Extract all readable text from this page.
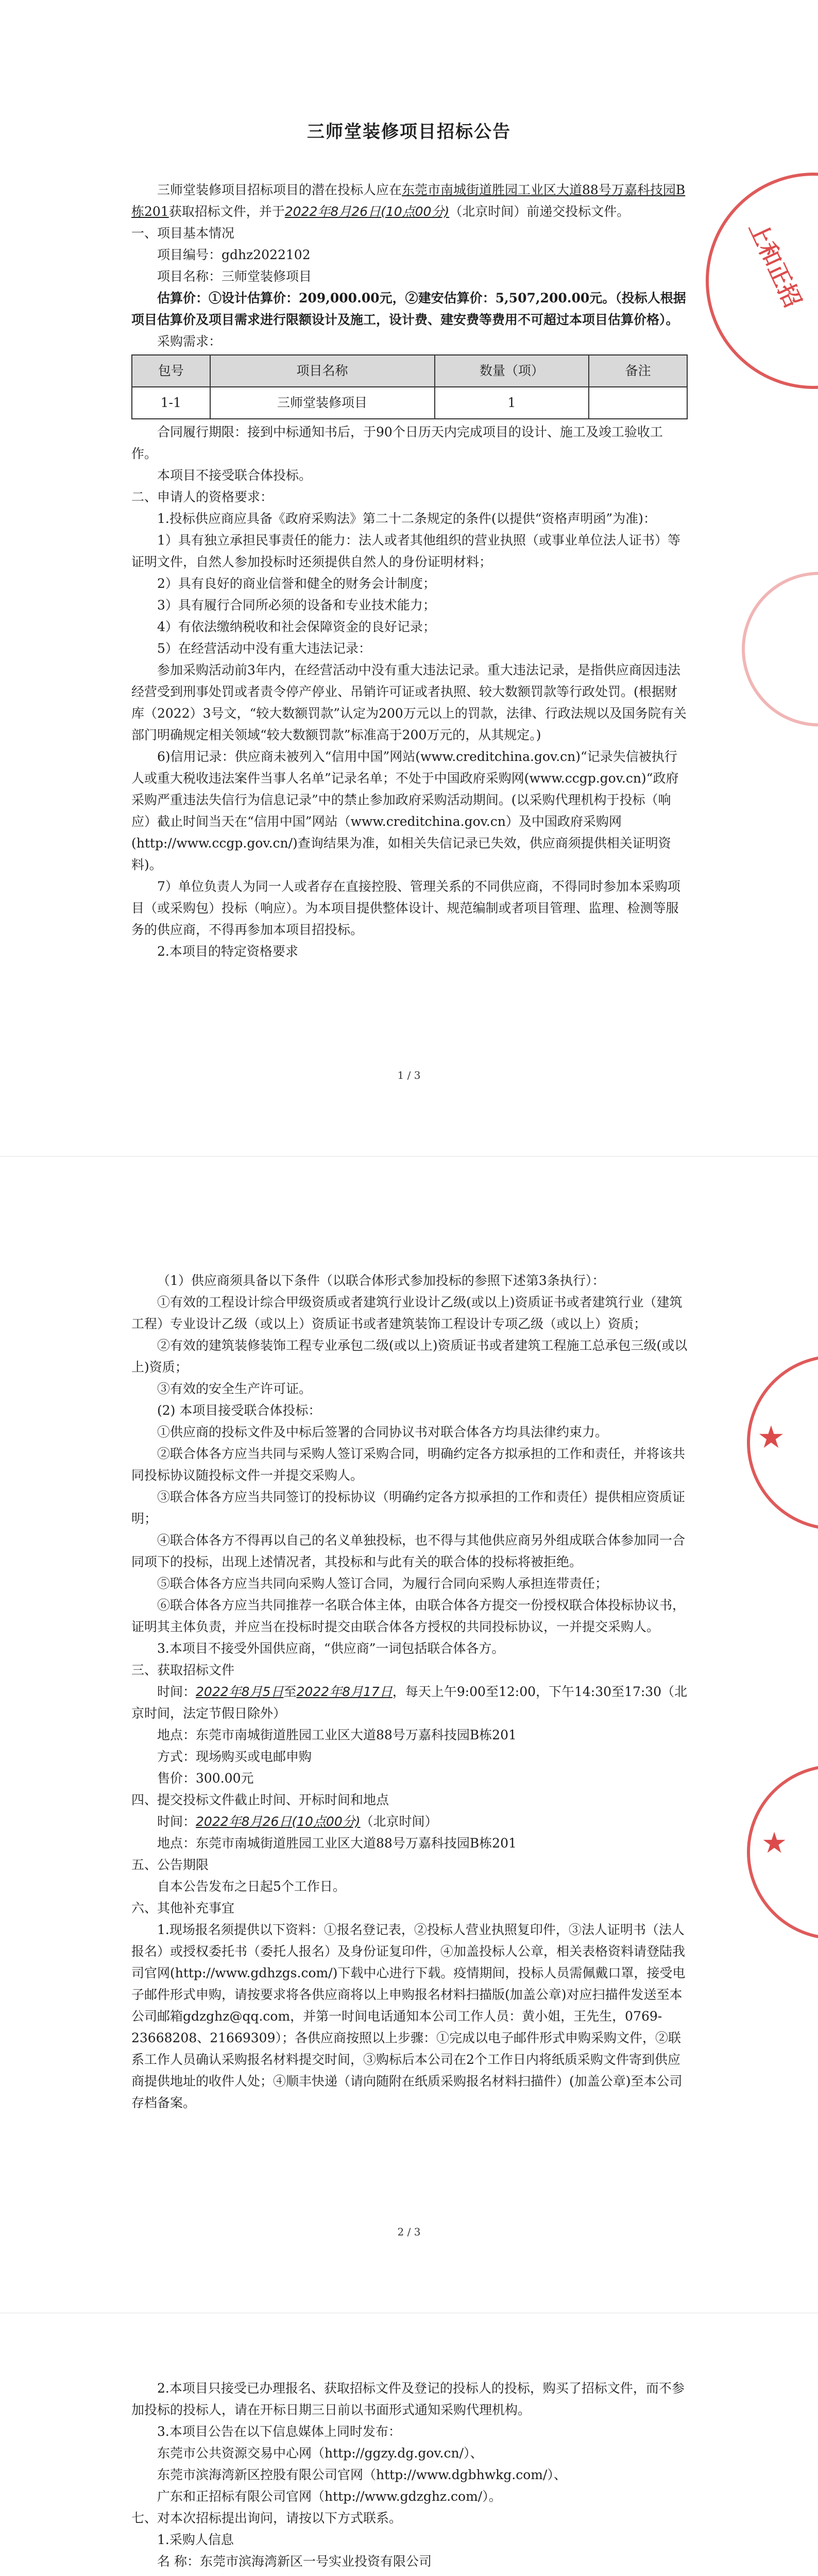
三师堂装修项目招标公告
上和正招

三师堂装修项目招标项目的潜在投标人应在东莞市南城街道胜园工业区大道88号万嘉科技园B栋201获取招标文件，并于2022年8月26日(10点00分)（北京时间）前递交投标文件。

一、项目基本情况

项目编号：gdhz2022102

项目名称：三师堂装修项目

估算价：①设计估算价：209,000.00元，②建安估算价：5,507,200.00元。（投标人根据项目估算价及项目需求进行限额设计及施工，设计费、建安费等费用不可超过本项目估算价格）。

采购需求：

包号	项目名称	数量（项）	备注
1-1	三师堂装修项目	1	

合同履行期限：接到中标通知书后，于90个日历天内完成项目的设计、施工及竣工验收工作。

本项目不接受联合体投标。

二、申请人的资格要求：

1.投标供应商应具备《政府采购法》第二十二条规定的条件(以提供“资格声明函”为准)：

1）具有独立承担民事责任的能力：法人或者其他组织的营业执照（或事业单位法人证书）等证明文件，自然人参加投标时还须提供自然人的身份证明材料；

2）具有良好的商业信誉和健全的财务会计制度；

3）具有履行合同所必须的设备和专业技术能力；

4）有依法缴纳税收和社会保障资金的良好记录；

5）在经营活动中没有重大违法记录：

参加采购活动前3年内，在经营活动中没有重大违法记录。重大违法记录，是指供应商因违法经营受到刑事处罚或者责令停产停业、吊销许可证或者执照、较大数额罚款等行政处罚。(根据财库（2022）3号文，“较大数额罚款”认定为200万元以上的罚款，法律、行政法规以及国务院有关部门明确规定相关领域“较大数额罚款”标准高于200万元的，从其规定。)

6)信用记录：供应商未被列入“信用中国”网站(www.creditchina.gov.cn)“记录失信被执行人或重大税收违法案件当事人名单”记录名单；不处于中国政府采购网(www.ccgp.gov.cn)“政府采购严重违法失信行为信息记录”中的禁止参加政府采购活动期间。(以采购代理机构于投标（响应）截止时间当天在“信用中国”网站（www.creditchina.gov.cn）及中国政府采购网(http://www.ccgp.gov.cn/)查询结果为准，如相关失信记录已失效，供应商须提供相关证明资料)。

7）单位负责人为同一人或者存在直接控股、管理关系的不同供应商，不得同时参加本采购项目（或采购包）投标（响应）。为本项目提供整体设计、规范编制或者项目管理、监理、检测等服务的供应商，不得再参加本项目招投标。

2.本项目的特定资格要求

1 / 3
★
★

（1）供应商须具备以下条件（以联合体形式参加投标的参照下述第3条执行）：

①有效的工程设计综合甲级资质或者建筑行业设计乙级(或以上)资质证书或者建筑行业（建筑工程）专业设计乙级（或以上）资质证书或者建筑装饰工程设计专项乙级（或以上）资质；

②有效的建筑装修装饰工程专业承包二级(或以上)资质证书或者建筑工程施工总承包三级(或以上)资质；

③有效的安全生产许可证。

(2) 本项目接受联合体投标：

①供应商的投标文件及中标后签署的合同协议书对联合体各方均具法律约束力。

②联合体各方应当共同与采购人签订采购合同，明确约定各方拟承担的工作和责任，并将该共同投标协议随投标文件一并提交采购人。

③联合体各方应当共同签订的投标协议（明确约定各方拟承担的工作和责任）提供相应资质证明；

④联合体各方不得再以自己的名义单独投标，也不得与其他供应商另外组成联合体参加同一合同项下的投标，出现上述情况者，其投标和与此有关的联合体的投标将被拒绝。

⑤联合体各方应当共同向采购人签订合同，为履行合同向采购人承担连带责任；

⑥联合体各方应当共同推荐一名联合体主体，由联合体各方提交一份授权联合体投标协议书，证明其主体负责，并应当在投标时提交由联合体各方授权的共同投标协议，一并提交采购人。

3.本项目不接受外国供应商，“供应商”一词包括联合体各方。

三、获取招标文件

时间：2022年8月5日至2022年8月17日，每天上午9:00至12:00，下午14:30至17:30（北京时间，法定节假日除外）

地点：东莞市南城街道胜园工业区大道88号万嘉科技园B栋201

方式：现场购买或电邮申购

售价：300.00元

四、提交投标文件截止时间、开标时间和地点

时间：2022年8月26日(10点00分)（北京时间）

地点：东莞市南城街道胜园工业区大道88号万嘉科技园B栋201

五、公告期限

自本公告发布之日起5个工作日。

六、其他补充事宜

1.现场报名须提供以下资料：①报名登记表，②投标人营业执照复印件，③法人证明书（法人报名）或授权委托书（委托人报名）及身份证复印件，④加盖投标人公章，相关表格资料请登陆我司官网(http://www.gdhzgs.com/)下载中心进行下载。疫情期间，投标人员需佩戴口罩，接受电子邮件形式申购，请按要求将各供应商将以上申购报名材料扫描版(加盖公章)对应扫描件发送至本公司邮箱gdzghz@qq.com，并第一时间电话通知本公司工作人员：黄小姐，王先生，0769-23668208、21669309）；各供应商按照以上步骤：①完成以电子邮件形式申购采购文件，②联系工作人员确认采购报名材料提交时间，③购标后本公司在2个工作日内将纸质采购文件寄到供应商提供地址的收件人处；④顺丰快递（请向随附在纸质采购报名材料扫描件）(加盖公章)至本公司存档备案。

2 / 3

2.本项目只接受已办理报名、获取招标文件及登记的投标人的投标，购买了招标文件，而不参加投标的投标人，请在开标日期三日前以书面形式通知采购代理机构。

3.本项目公告在以下信息媒体上同时发布：

东莞市公共资源交易中心网（http://ggzy.dg.gov.cn/）、

东莞市滨海湾新区控股有限公司官网（http://www.dgbhwkg.com/）、

广东和正招标有限公司官网（http://www.gdzghz.com/）。

七、对本次招标提出询问，请按以下方式联系。

1.采购人信息

名 称：东莞市滨海湾新区一号实业投资有限公司
